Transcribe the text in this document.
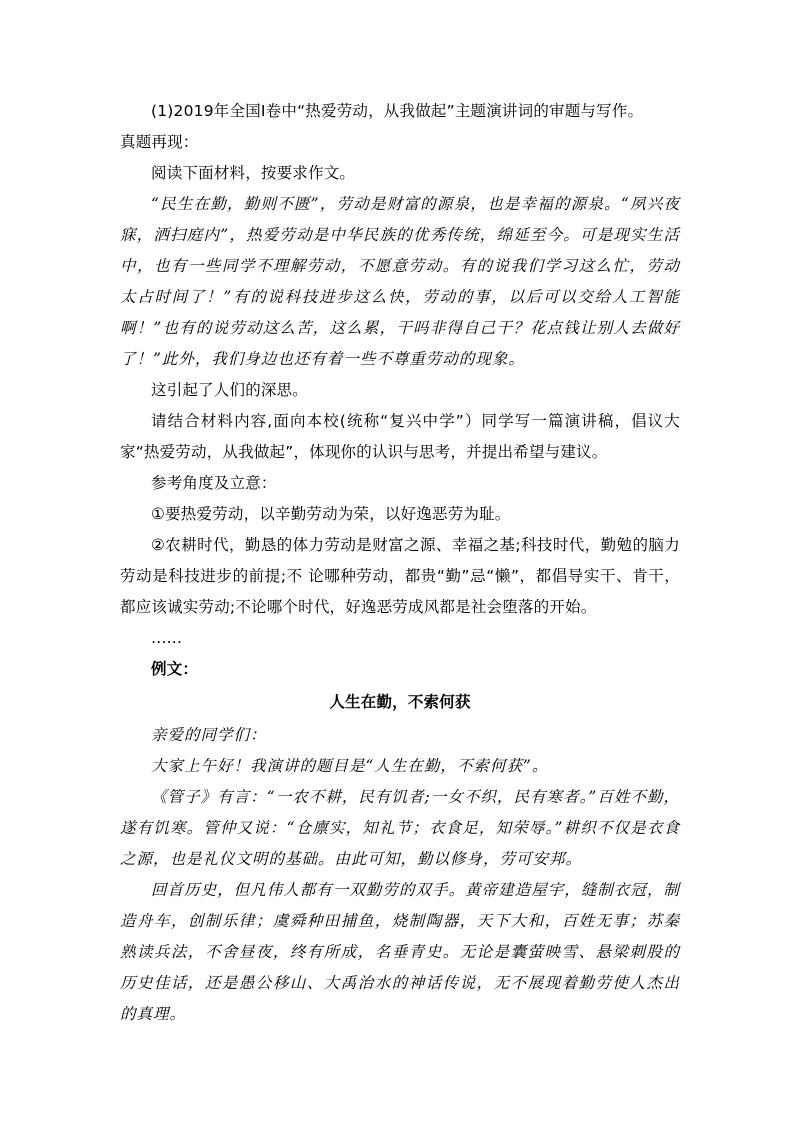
(1)2019年全国Ⅰ卷中“热爱劳动，从我做起”主题演讲词的审题与写作。

真题再现：

阅读下面材料，按要求作文。

“民生在勤，勤则不匮”，劳动是财富的源泉，也是幸福的源泉。“夙兴夜寐，洒扫庭内”，热爱劳动是中华民族的优秀传统，绵延至今。可是现实生活中，也有一些同学不理解劳动，不愿意劳动。有的说我们学习这么忙，劳动太占时间了！”有的说科技进步这么快，劳动的事，以后可以交给人工智能啊！”也有的说劳动这么苦，这么累，干吗非得自己干？花点钱让别人去做好了！”此外，我们身边也还有着一些不尊重劳动的现象。

这引起了人们的深思。

请结合材料内容,面向本校(统称“复兴中学”）同学写一篇演讲稿，倡议大家“热爱劳动，从我做起”，体现你的认识与思考，并提出希望与建议。

参考角度及立意：

①要热爱劳动，以辛勤劳动为荣，以好逸恶劳为耻。

②农耕时代，勤恳的体力劳动是财富之源、幸福之基;科技时代，勤勉的脑力劳动是科技进步的前提;不 论哪种劳动，都贵“勤”忌“懒”，都倡导实干、肯干，都应该诚实劳动;不论哪个时代，好逸恶劳成风都是社会堕落的开始。

……

例文：

人生在勤，不索何获

亲爱的同学们：

大家上午好！我演讲的题目是“人生在勤，不索何获”。

《管子》有言：“一农不耕，民有饥者;一女不织，民有寒者。”百姓不勤，遂有饥寒。管仲又说：“仓廪实，知礼节；衣食足，知荣辱。”耕织不仅是衣食之源，也是礼仪文明的基础。由此可知，勤以修身，劳可安邦。

回首历史，但凡伟人都有一双勤劳的双手。黄帝建造屋宇，缝制衣冠，制造舟车，创制乐律；虞舜种田捕鱼，烧制陶器，天下大和，百姓无事；苏秦熟读兵法，不舍昼夜，终有所成，名垂青史。无论是囊萤映雪、悬梁刺股的历史佳话，还是愚公移山、大禹治水的神话传说，无不展现着勤劳使人杰出的真理。
